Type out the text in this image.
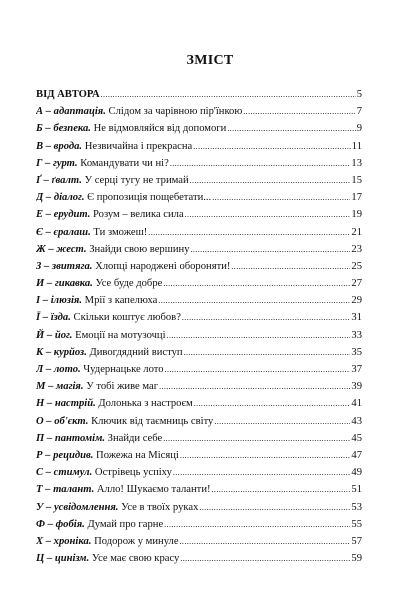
ЗМІСТ
ВІД АВТОРА .....	5
А – адаптація. Слідом за чарівною пір'їнкою .....	7
Б – безпека. Не відмовляйся від допомоги .....	9
В – врода. Незвичайна і прекрасна .....	11
Г – гурт. Командувати чи ні? .....	13
Ґ – ґвалт. У серці тугу не тримай .....	15
Д – діалог. Є пропозиція пощебетати... .....	17
Е – ерудит. Розум – велика сила .....	19
Є – єралаш. Ти зможеш! .....	21
Ж – жест. Знайди свою вершину .....	23
З – звитяга. Хлопці народжені обороняти! .....	25
И – гикавка. Усе буде добре .....	27
І – ілюзія. Мрії з капелюха .....	29
Ї – їзда. Скільки коштує любов? .....	31
Й – йог. Емоції на мотузочці .....	33
К – курйоз. Дивогдядний виступ .....	35
Л – лото. Чудернацьке лото .....	37
М – магія. У тобі живе маг .....	39
Н – настрій. Долонька з настроєм .....	41
О – об'єкт. Ключик від таємниць світу .....	43
П – пантомім. Знайди себе .....	45
Р – рецидив. Пожежа на Місяці .....	47
С – стимул. Острівець успіху .....	49
Т – талант. Алло! Шукаємо таланти! .....	51
У – усвідомлення. Усе в твоїх руках .....	53
Ф – фобія. Думай про гарне .....	55
Х – хроніка. Подорож у минуле .....	57
Ц – цинізм. Усе має свою красу .....	59
